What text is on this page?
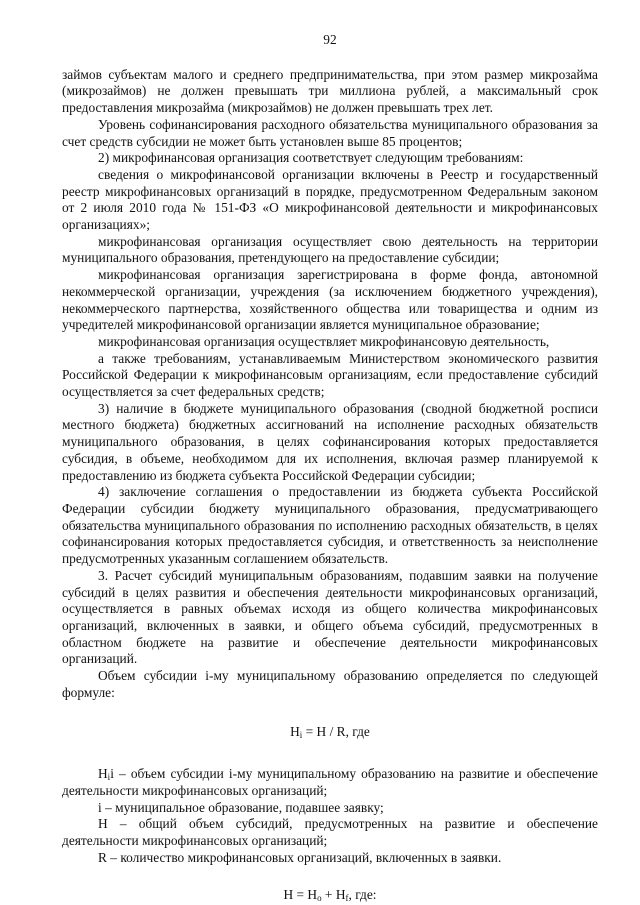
92

займов субъектам малого и среднего предпринимательства, при этом размер микрозайма (микрозаймов) не должен превышать три миллиона рублей, а максимальный срок предоставления микрозайма (микрозаймов) не должен превышать трех лет.

Уровень софинансирования расходного обязательства муниципального образования за счет средств субсидии не может быть установлен выше 85 процентов;

2) микрофинансовая организация соответствует следующим требованиям:

сведения о микрофинансовой организации включены в Реестр и государственный реестр микрофинансовых организаций в порядке, предусмотренном Федеральным законом от 2 июля 2010 года № 151-ФЗ «О микрофинансовой деятельности и микрофинансовых организациях»;

микрофинансовая организация осуществляет свою деятельность на территории муниципального образования, претендующего на предоставление субсидии;

микрофинансовая организация зарегистрирована в форме фонда, автономной некоммерческой организации, учреждения (за исключением бюджетного учреждения), некоммерческого партнерства, хозяйственного общества или товарищества и одним из учредителей микрофинансовой организации является муниципальное образование;

микрофинансовая организация осуществляет микрофинансовую деятельность,

а также требованиям, устанавливаемым Министерством экономического развития Российской Федерации к микрофинансовым организациям, если предоставление субсидий осуществляется за счет федеральных средств;

3) наличие в бюджете муниципального образования (сводной бюджетной росписи местного бюджета) бюджетных ассигнований на исполнение расходных обязательств муниципального образования, в целях софинансирования которых предоставляется субсидия, в объеме, необходимом для их исполнения, включая размер планируемой к предоставлению из бюджета субъекта Российской Федерации субсидии;

4) заключение соглашения о предоставлении из бюджета субъекта Российской Федерации субсидии бюджету муниципального образования, предусматривающего обязательства муниципального образования по исполнению расходных обязательств, в целях софинансирования которых предоставляется субсидия, и ответственность за неисполнение предусмотренных указанным соглашением обязательств.

3. Расчет субсидий муниципальным образованиям, подавшим заявки на получение субсидий в целях развития и обеспечения деятельности микрофинансовых организаций, осуществляется в равных объемах исходя из общего количества микрофинансовых организаций, включенных в заявки, и общего объема субсидий, предусмотренных в областном бюджете на развитие и обеспечение деятельности микрофинансовых организаций.

Объем субсидии i-му муниципальному образованию определяется по следующей формуле:

$H_i = H / R$, где

$H_ii$ – объем субсидии i-му муниципальному образованию на развитие и обеспечение деятельности микрофинансовых организаций;

i – муниципальное образование, подавшее заявку;

H – общий объем субсидий, предусмотренных на развитие и обеспечение деятельности микрофинансовых организаций;

R – количество микрофинансовых организаций, включенных в заявки.

$H = H_о + H_f$, где:
